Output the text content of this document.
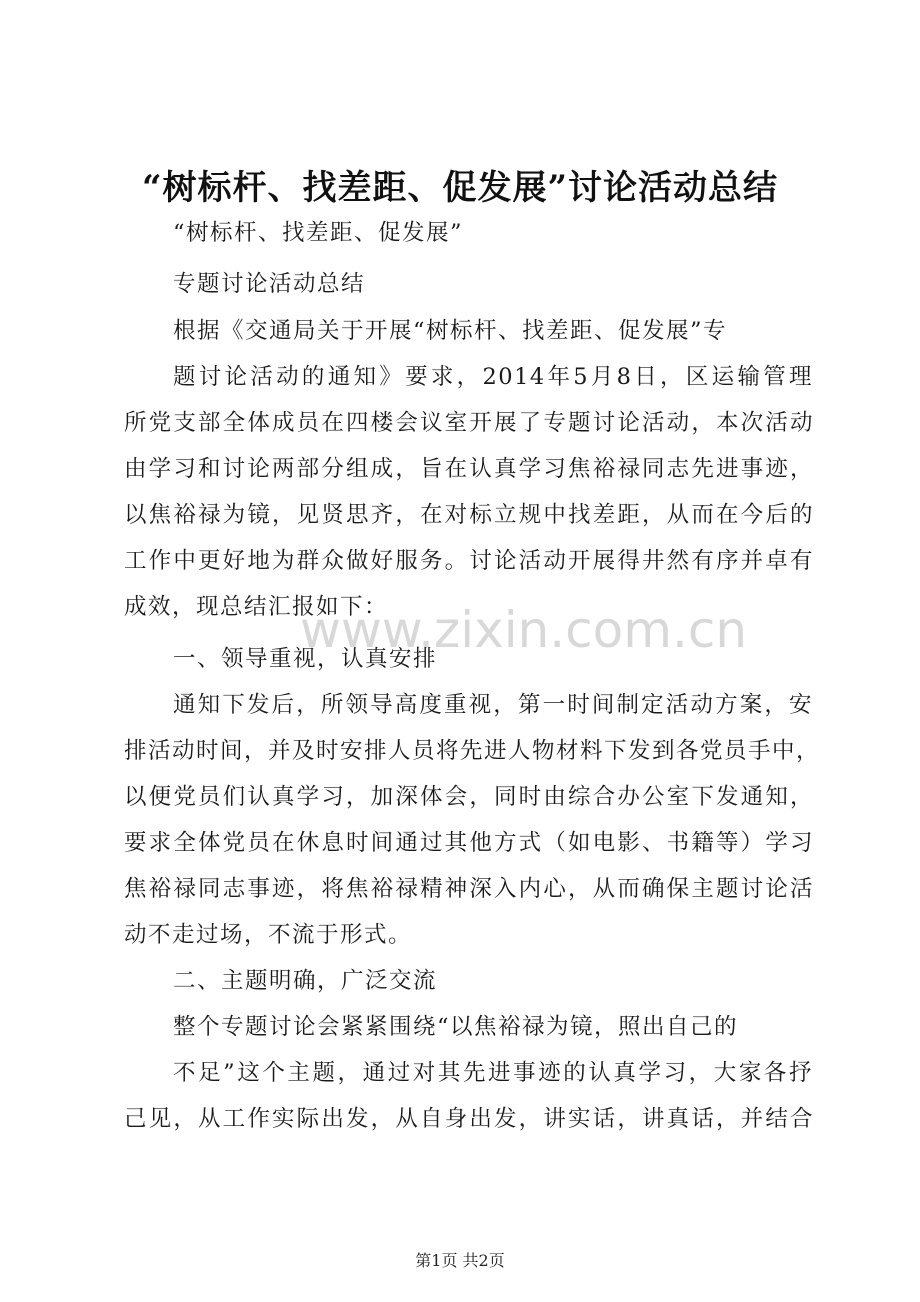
“树标杆、找差距、促发展”讨论活动总结
“树标杆、找差距、促发展”
专题讨论活动总结
根据《交通局关于开展“树标杆、找差距、促发展”专
题讨论活动的通知》要求，2014年5月8日，区运输管理
所党支部全体成员在四楼会议室开展了专题讨论活动，本次活动
由学习和讨论两部分组成，旨在认真学习焦裕禄同志先进事迹，
以焦裕禄为镜，见贤思齐，在对标立规中找差距，从而在今后的
工作中更好地为群众做好服务。讨论活动开展得井然有序并卓有
成效，现总结汇报如下：
一、领导重视，认真安排
通知下发后，所领导高度重视，第一时间制定活动方案，安
排活动时间，并及时安排人员将先进人物材料下发到各党员手中，
以便党员们认真学习，加深体会，同时由综合办公室下发通知，
要求全体党员在休息时间通过其他方式（如电影、书籍等）学习
焦裕禄同志事迹，将焦裕禄精神深入内心，从而确保主题讨论活
动不走过场，不流于形式。
二、主题明确，广泛交流
整个专题讨论会紧紧围绕“以焦裕禄为镜，照出自己的
不足”这个主题，通过对其先进事迹的认真学习，大家各抒
己见，从工作实际出发，从自身出发，讲实话，讲真话，并结合
www.zixin.com.cn
第1页 共2页
